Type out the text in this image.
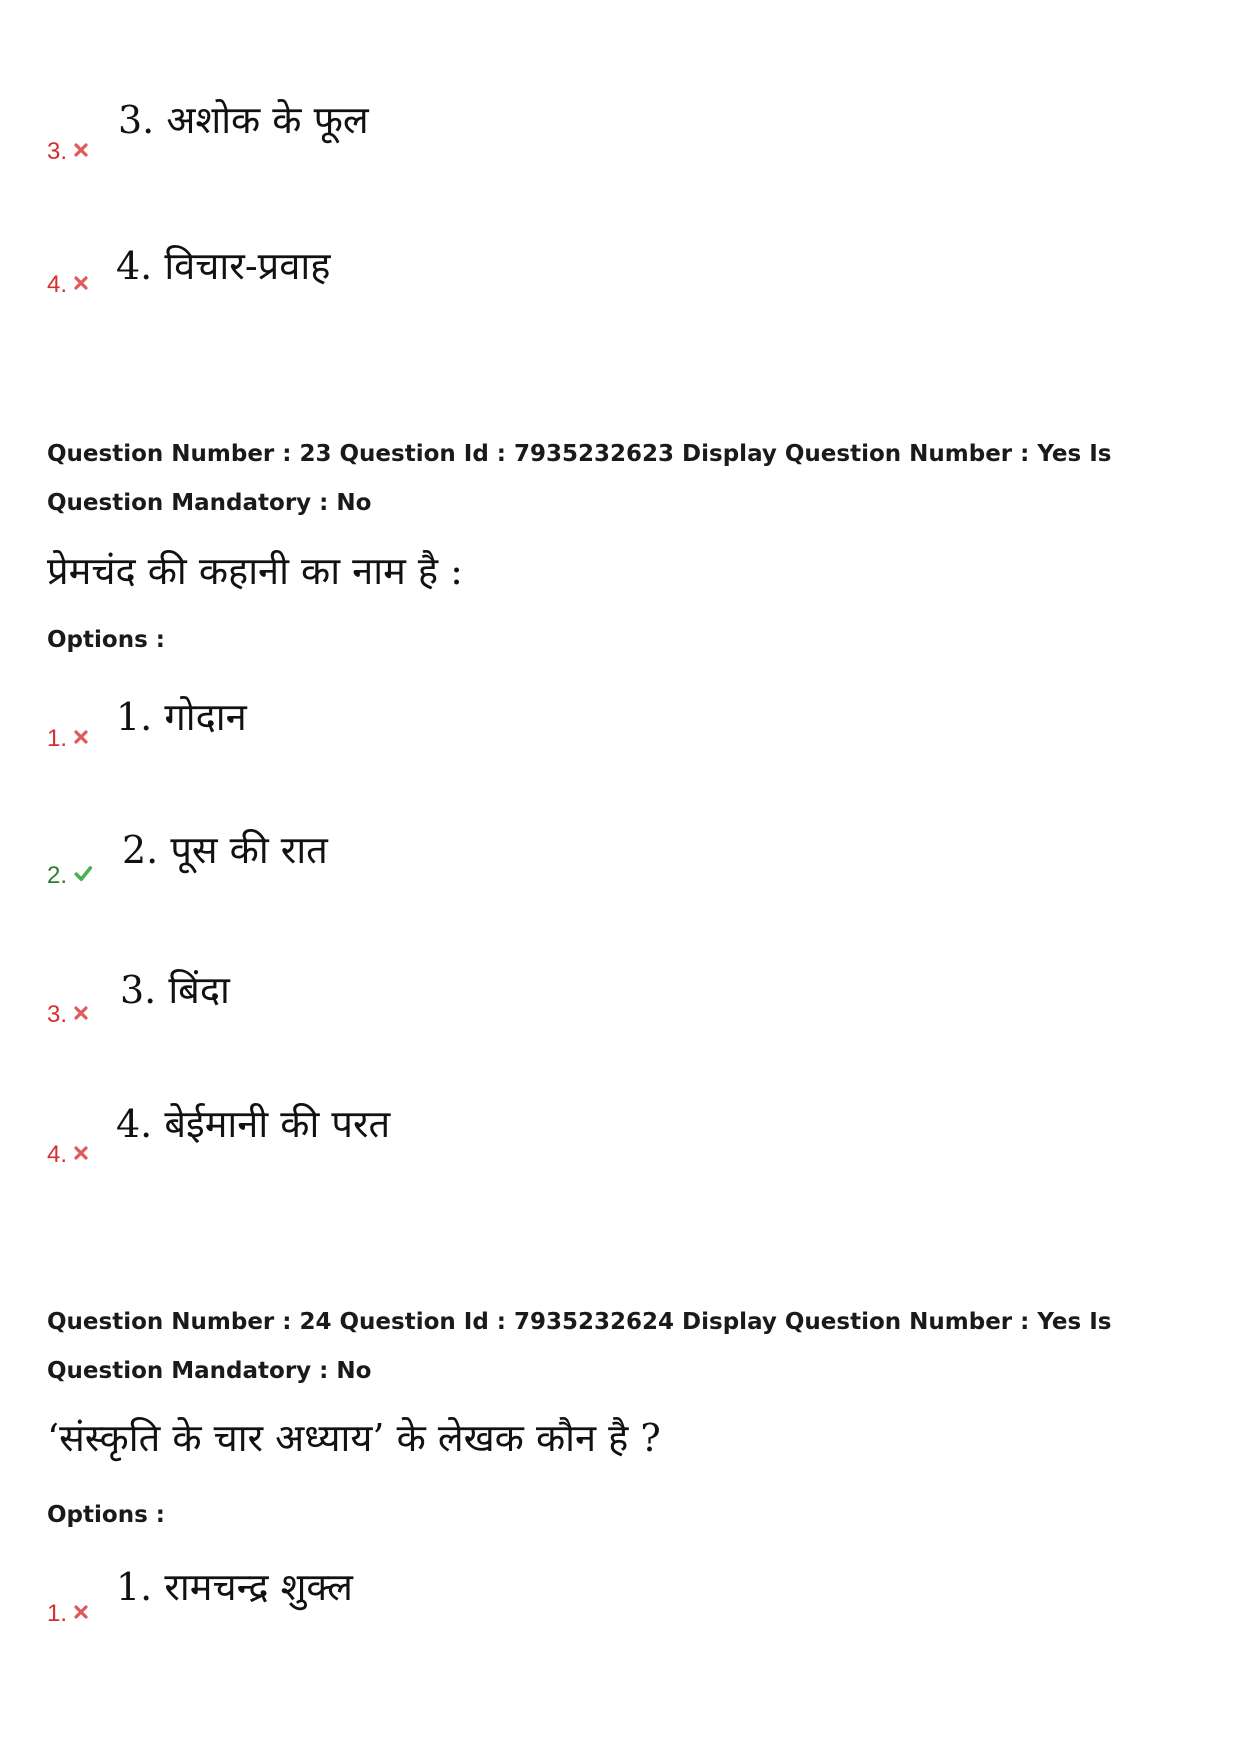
3.
3. अशोक के फूल
4.	4. विचार-प्रवाह
Question Number : 23 Question Id : 7935232623 Display Question Number : Yes Is Question Mandatory : No
प्रेमचंद की कहानी का नाम है :
Options :
1.	1. गोदान
2.
2. पूस की रात
3.
3. बिंदा
4.
4. बेईमानी की परत
Question Number : 24 Question Id : 7935232624 Display Question Number : Yes Is Question Mandatory : No
‘संस्कृति के चार अध्याय’ के लेखक कौन है ?
Options :
1.
1. रामचन्द्र शुक्ल
